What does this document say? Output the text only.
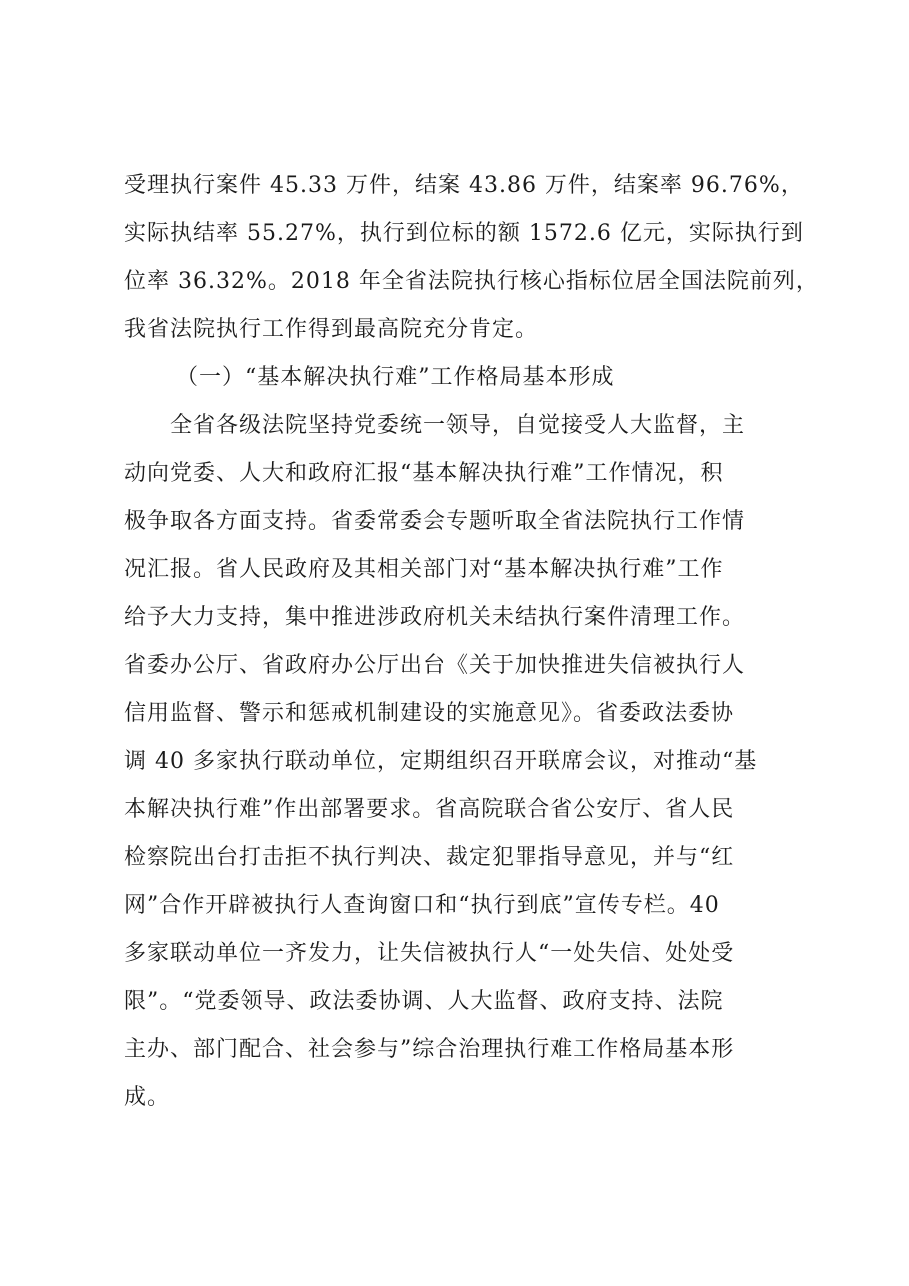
受理执行案件 45.33 万件，结案 43.86 万件，结案率 96.76%，
实际执结率 55.27%，执行到位标的额 1572.6 亿元，实际执行到
位率 36.32%。2018 年全省法院执行核心指标位居全国法院前列，
我省法院执行工作得到最高院充分肯定。
（一）“基本解决执行难”工作格局基本形成
全省各级法院坚持党委统一领导，自觉接受人大监督，主
动向党委、人大和政府汇报“基本解决执行难”工作情况，积
极争取各方面支持。省委常委会专题听取全省法院执行工作情
况汇报。省人民政府及其相关部门对“基本解决执行难”工作
给予大力支持，集中推进涉政府机关未结执行案件清理工作。
省委办公厅、省政府办公厅出台《关于加快推进失信被执行人
信用监督、警示和惩戒机制建设的实施意见》。省委政法委协
调 40 多家执行联动单位，定期组织召开联席会议，对推动“基
本解决执行难”作出部署要求。省高院联合省公安厅、省人民
检察院出台打击拒不执行判决、裁定犯罪指导意见，并与“红
网”合作开辟被执行人查询窗口和“执行到底”宣传专栏。40
多家联动单位一齐发力，让失信被执行人“一处失信、处处受
限”。“党委领导、政法委协调、人大监督、政府支持、法院
主办、部门配合、社会参与”综合治理执行难工作格局基本形
成。
